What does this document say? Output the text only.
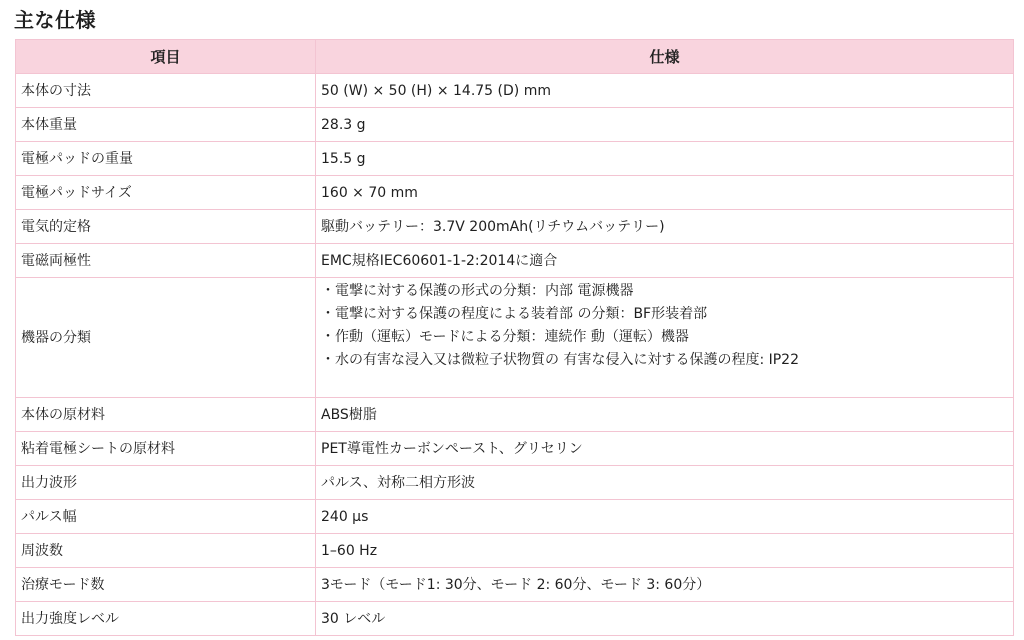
主な仕様
項目	仕様
本体の寸法	50 (W) × 50 (H) × 14.75 (D) mm
本体重量	28.3 g
電極パッドの重量	15.5 g
電極パッドサイズ	160 × 70 mm
電気的定格	駆動バッテリー：3.7V 200mAh(リチウムバッテリー)
電磁両極性	EMC規格IEC60601-1-2:2014に適合
機器の分類	・電撃に対する保護の形式の分類：内部 電源機器
・電撃に対する保護の程度による装着部 の分類：BF形装着部
・作動（運転）モードによる分類：連続作 動（運転）機器
・水の有害な浸入又は微粒子状物質の 有害な侵入に対する保護の程度: IP22

本体の原材料	ABS樹脂
粘着電極シートの原材料	PET導電性カーボンペースト、グリセリン
出力波形	パルス、対称二相方形波
パルス幅	240 µs
周波数	1–60 Hz
治療モード数	3モード（モード1: 30分、モード 2: 60分、モード 3: 60分）
出力強度レベル	30 レベル
